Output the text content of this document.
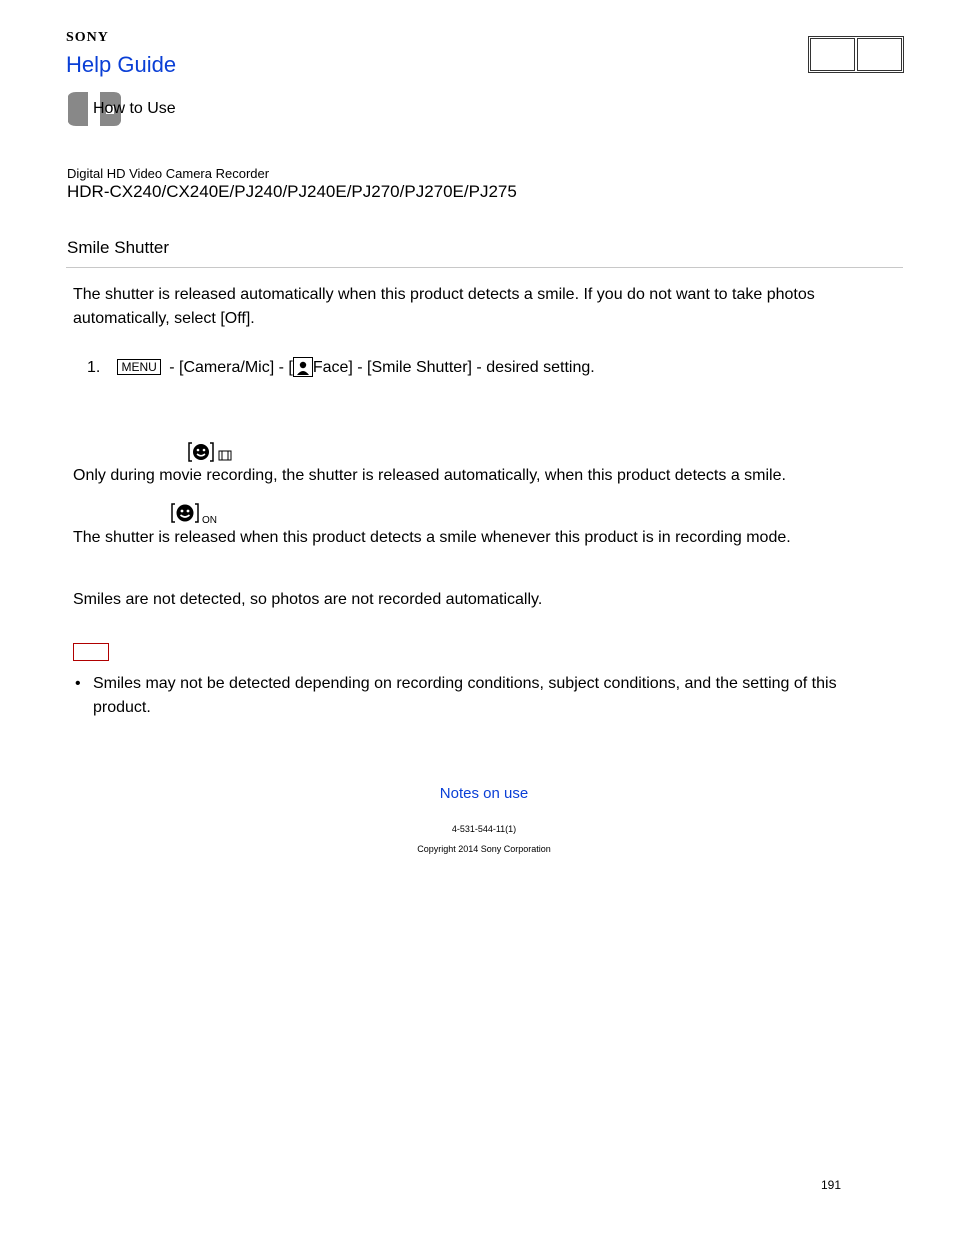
SONY
Help Guide
How to Use
Digital HD Video Camera Recorder
HDR-CX240/CX240E/PJ240/PJ240E/PJ270/PJ270E/PJ275
Smile Shutter
The shutter is released automatically when this product detects a smile. If you do not want to take photos automatically, select [Off].
1. MENU - [Camera/Mic] - [ Face] - [Smile Shutter] - desired setting.
Only during movie recording, the shutter is released automatically, when this product detects a smile.
ON
The shutter is released when this product detects a smile whenever this product is in recording mode.
Smiles are not detected, so photos are not recorded automatically.
• Smiles may not be detected depending on recording conditions, subject conditions, and the setting of this product.
Notes on use
4-531-544-11(1)
Copyright 2014 Sony Corporation
191
